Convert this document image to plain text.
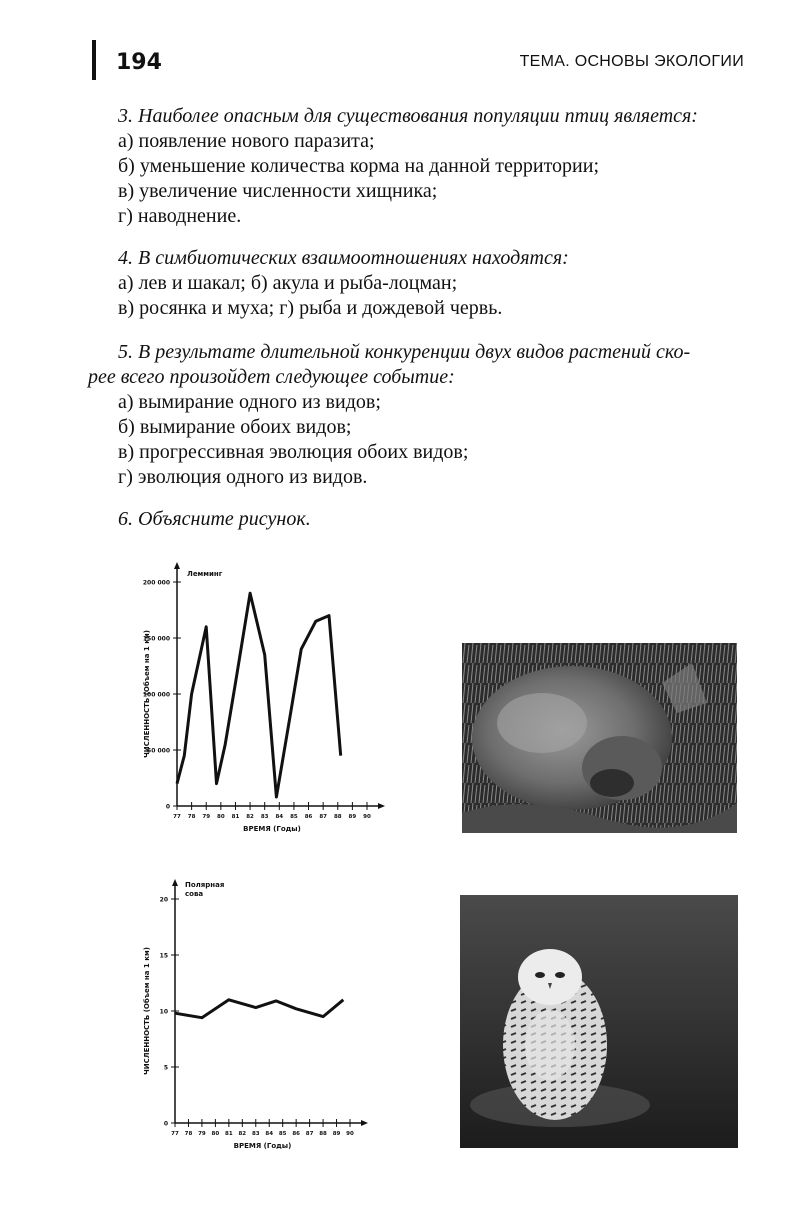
194	ТЕМА. ОСНОВЫ ЭКОЛОГИИ
3. Наиболее опасным для существования популяции птиц является:
а) появление нового паразита;
б) уменьшение количества корма на данной территории;
в) увеличение численности хищника;
г) наводнение.
4. В симбиотических взаимоотношениях находятся:
а) лев и шакал; б) акула и рыба-лоцман;
в) росянка и муха; г) рыба и дождевой червь.
5. В результате длительной конкуренции двух видов растений ско-
рее всего произойдет следующее событие:
а) вымирание одного из видов;
б) вымирание обоих видов;
в) прогрессивная эволюция обоих видов;
г) эволюция одного из видов.
6. Объясните рисунок.
0
50 000
100 000
150 000
200 000
77 78 79 80 81 82 83 84 85 86 87 88 89 90
ВРЕМЯ (Годы)
ЧИСЛЕННОСТЬ (Объем на 1 км)
Лемминг
0
5
10
15
20
77 78 79 80 81 82 83 84 85 86 87 88 89 90
ВРЕМЯ (Годы)
ЧИСЛЕННОСТЬ (Объем на 1 км)
Полярная
сова
